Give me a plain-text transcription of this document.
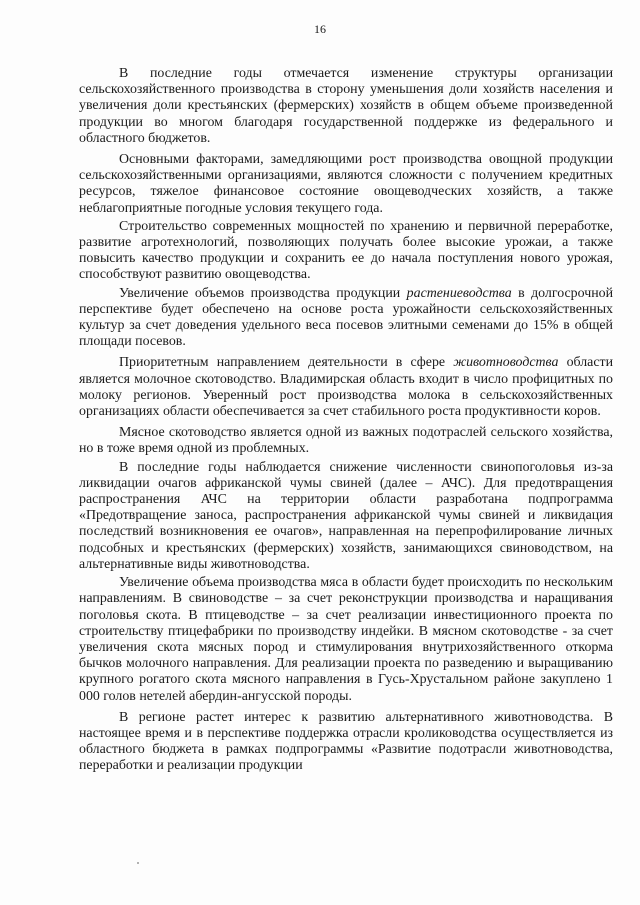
16

В последние годы отмечается изменение структуры организации сельскохозяйственного производства в сторону уменьшения доли хозяйств населения и увеличения доли крестьянских (фермерских) хозяйств в общем объеме произведенной продукции во многом благодаря государственной поддержке из федерального и областного бюджетов.

Основными факторами, замедляющими рост производства овощной продукции сельскохозяйственными организациями, являются сложности с получением кредитных ресурсов, тяжелое финансовое состояние овощеводческих хозяйств, а также неблагоприятные погодные условия текущего года.

Строительство современных мощностей по хранению и первичной переработке, развитие агротехнологий, позволяющих получать более высокие урожаи, а также повысить качество продукции и сохранить ее до начала поступления нового урожая, способствуют развитию овощеводства.

Увеличение объемов производства продукции растениеводства в долгосрочной перспективе будет обеспечено на основе роста урожайности сельскохозяйственных культур за счет доведения удельного веса посевов элитными семенами до 15% в общей площади посевов.

Приоритетным направлением деятельности в сфере животноводства области является молочное скотоводство. Владимирская область входит в число профицитных по молоку регионов. Уверенный рост производства молока в сельскохозяйственных организациях области обеспечивается за счет стабильного роста продуктивности коров.

Мясное скотоводство является одной из важных подотраслей сельского хозяйства, но в тоже время одной из проблемных.

В последние годы наблюдается снижение численности свинопоголовья из-за ликвидации очагов африканской чумы свиней (далее – АЧС). Для предотвращения распространения АЧС на территории области разработана подпрограмма «Предотвращение заноса, распространения африканской чумы свиней и ликвидация последствий возникновения ее очагов», направленная на перепрофилирование личных подсобных и крестьянских (фермерских) хозяйств, занимающихся свиноводством, на альтернативные виды животноводства.

Увеличение объема производства мяса в области будет происходить по нескольким направлениям. В свиноводстве – за счет реконструкции производства и наращивания поголовья скота. В птицеводстве – за счет реализации инвестиционного проекта по строительству птицефабрики по производству индейки. В мясном скотоводстве - за счет увеличения скота мясных пород и стимулирования внутрихозяйственного откорма бычков молочного направления. Для реализации проекта по разведению и выращиванию крупного рогатого скота мясного направления в Гусь-Хрустальном районе закуплено 1 000 голов нетелей абердин-ангусской породы.

В регионе растет интерес к развитию альтернативного животноводства. В настоящее время и в перспективе поддержка отрасли кролиководства осуществляется из областного бюджета в рамках подпрограммы «Развитие подотрасли животноводства, переработки и реализации продукции
